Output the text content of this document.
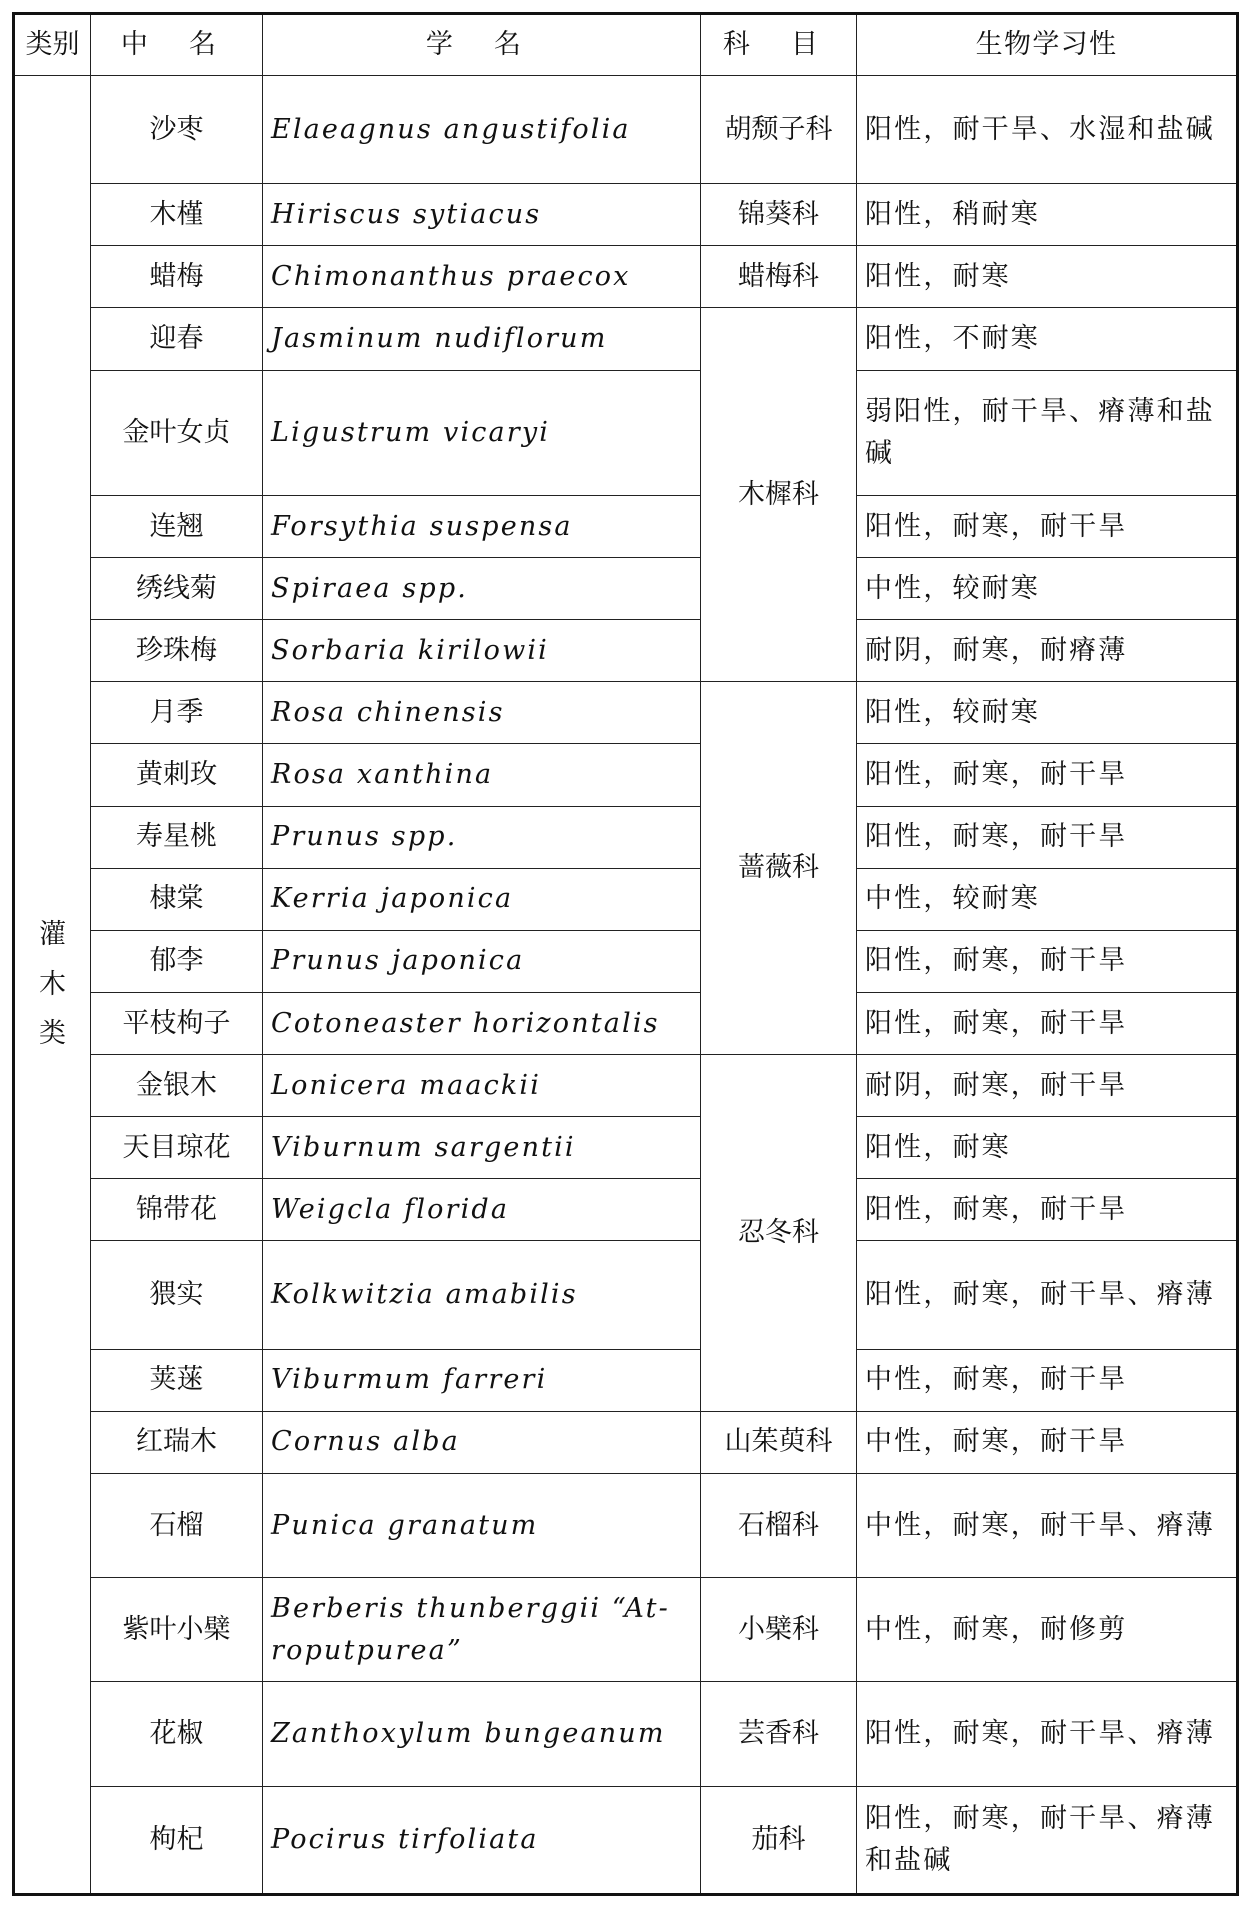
类别	中 名	学 名	科 目	生物学习性

灌
木
类	沙枣	Elaeagnus angustifolia	胡颓子科	阳性，耐干旱、水湿和盐碱
	木槿	Hiriscus sytiacus	锦葵科	阳性，稍耐寒
	蜡梅	Chimonanthus praecox	蜡梅科	阳性，耐寒
	迎春	Jasminum nudiflorum	木樨科	阳性，不耐寒
	金叶女贞	Ligustrum vicaryi		弱阳性，耐干旱、瘠薄和盐碱
	连翘	Forsythia suspensa		阳性，耐寒，耐干旱
	绣线菊	Spiraea spp.		中性，较耐寒
	珍珠梅	Sorbaria kirilowii		耐阴，耐寒，耐瘠薄
	月季	Rosa chinensis	蔷薇科	阳性，较耐寒
	黄刺玫	Rosa xanthina		阳性，耐寒，耐干旱
	寿星桃	Prunus spp.		阳性，耐寒，耐干旱
	棣棠	Kerria japonica		中性，较耐寒
	郁李	Prunus japonica		阳性，耐寒，耐干旱
	平枝枸子	Cotoneaster horizontalis		阳性，耐寒，耐干旱
	金银木	Lonicera maackii	忍冬科	耐阴，耐寒，耐干旱
	天目琼花	Viburnum sargentii		阳性，耐寒
	锦带花	Weigcla florida		阳性，耐寒，耐干旱
	猥实	Kolkwitzia amabilis		阳性，耐寒，耐干旱、瘠薄
	荚蒾	Viburmum farreri		中性，耐寒，耐干旱
	红瑞木	Cornus alba	山茱萸科	中性，耐寒，耐干旱
	石榴	Punica granatum	石榴科	中性，耐寒，耐干旱、瘠薄
	紫叶小檗	Berberis thunberggii “At-roputpurea”	小檗科	中性，耐寒，耐修剪
	花椒	Zanthoxylum bungeanum	芸香科	阳性，耐寒，耐干旱、瘠薄
	枸杞	Pocirus tirfoliata	茄科	阳性，耐寒，耐干旱、瘠薄和盐碱
